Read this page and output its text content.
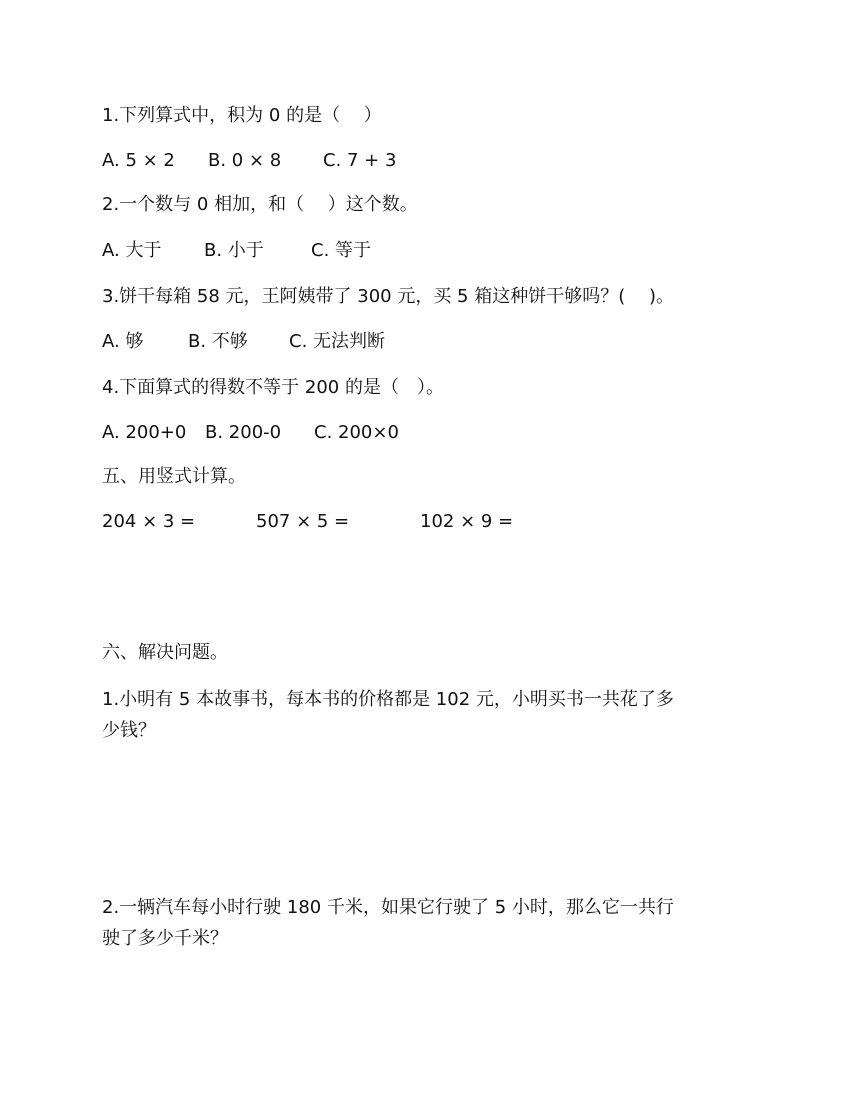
1.下列算式中，积为 0 的是（　 ）
A. 5 × 2 B. 0 × 8 C. 7 + 3
2.一个数与 0 相加，和（　 ）这个数。
A. 大于 B. 小于	C. 等于
3.饼干每箱 58 元，王阿姨带了 300 元，买 5 箱这种饼干够吗？(　 )。
A. 够 B. 不够 C. 无法判断
4.下面算式的得数不等于 200 的是（　）。
A. 200+0 B. 200-0 C. 200×0
五、用竖式计算。
204 × 3 =	507 × 5 =	102 × 9 =
六、解决问题。
1.小明有 5 本故事书，每本书的价格都是 102 元，小明买书一共花了多
少钱？
2.一辆汽车每小时行驶 180 千米，如果它行驶了 5 小时，那么它一共行
驶了多少千米？
